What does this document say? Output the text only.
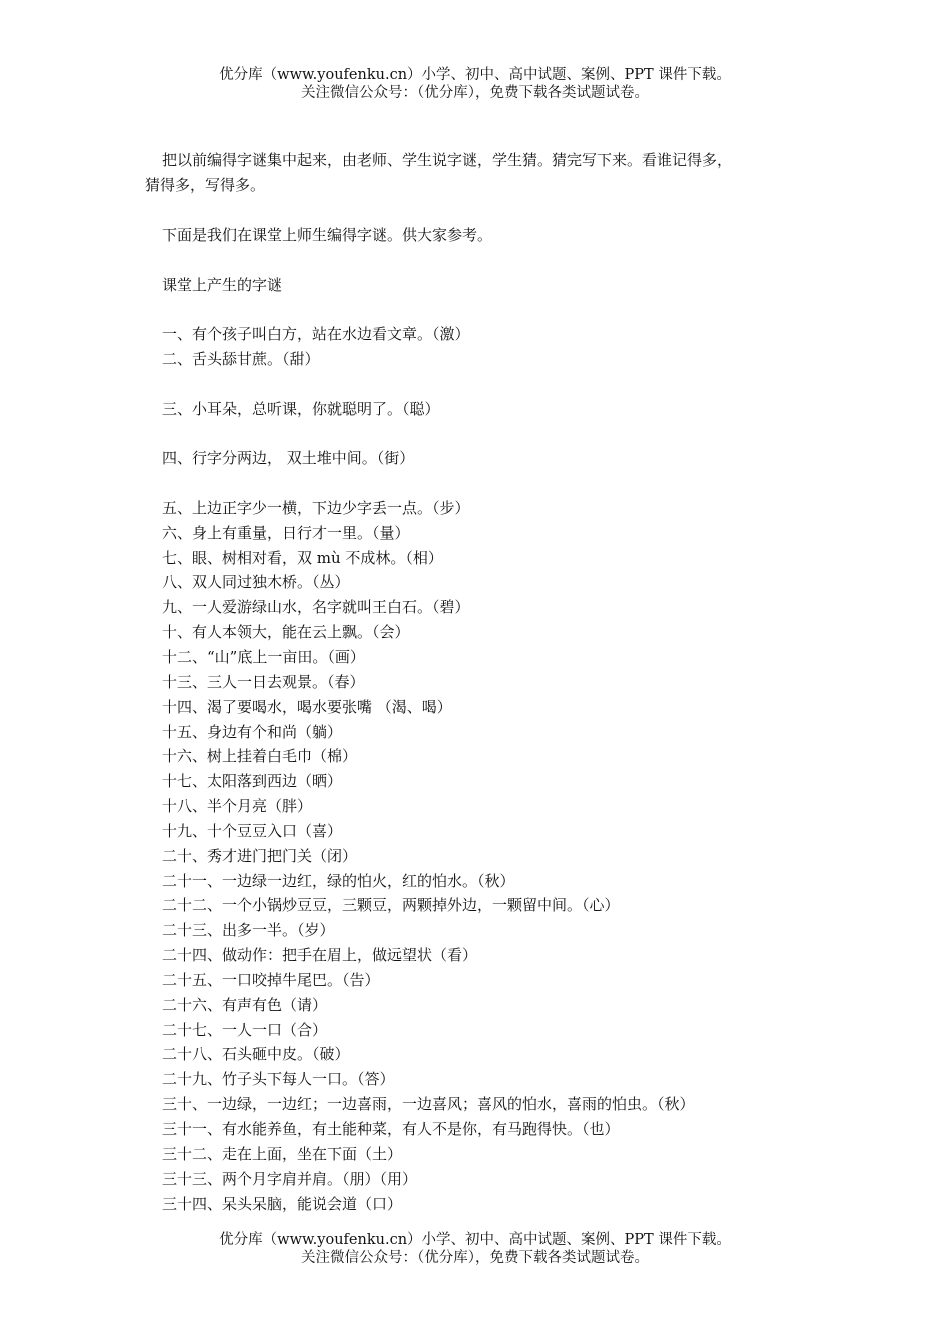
优分库（www.youfenku.cn）小学、初中、高中试题、案例、PPT 课件下载。
关注微信公众号：（优分库），免费下载各类试题试卷。
把以前编得字谜集中起来，由老师、学生说字谜，学生猜。猜完写下来。看谁记得多，
猜得多，写得多。
下面是我们在课堂上师生编得字谜。供大家参考。
课堂上产生的字谜
一、有个孩子叫白方，站在水边看文章。（激）
二、舌头舔甘蔗。（甜）
三、小耳朵，总听课，你就聪明了。（聪）
四、行字分两边， 双土堆中间。（街）
五、上边正字少一横，下边少字丢一点。（步）
六、身上有重量，日行才一里。（量）
七、眼、树相对看，双 mù 不成林。（相）
八、双人同过独木桥。（丛）
九、一人爱游绿山水，名字就叫王白石。（碧）
十、有人本领大，能在云上飘。（会）
十二、“山”底上一亩田。（画）
十三、三人一日去观景。（春）
十四、渴了要喝水，喝水要张嘴 （渴、喝）
十五、身边有个和尚（躺）
十六、树上挂着白毛巾（棉）
十七、太阳落到西边（晒）
十八、半个月亮（胖）
十九、十个豆豆入口（喜）
二十、秀才进门把门关（闭）
二十一、一边绿一边红，绿的怕火，红的怕水。（秋）
二十二、一个小锅炒豆豆，三颗豆，两颗掉外边，一颗留中间。（心）
二十三、出多一半。（岁）
二十四、做动作：把手在眉上，做远望状（看）
二十五、一口咬掉牛尾巴。（告）
二十六、有声有色（请）
二十七、一人一口（合）
二十八、石头砸中皮。（破）
二十九、竹子头下每人一口。（答）
三十、一边绿，一边红；一边喜雨，一边喜风；喜风的怕水，喜雨的怕虫。（秋）
三十一、有水能养鱼，有土能种菜，有人不是你，有马跑得快。（也）
三十二、走在上面，坐在下面（土）
三十三、两个月字肩并肩。（朋）（用）
三十四、呆头呆脑，能说会道（口）
优分库（www.youfenku.cn）小学、初中、高中试题、案例、PPT 课件下载。
关注微信公众号：（优分库），免费下载各类试题试卷。
